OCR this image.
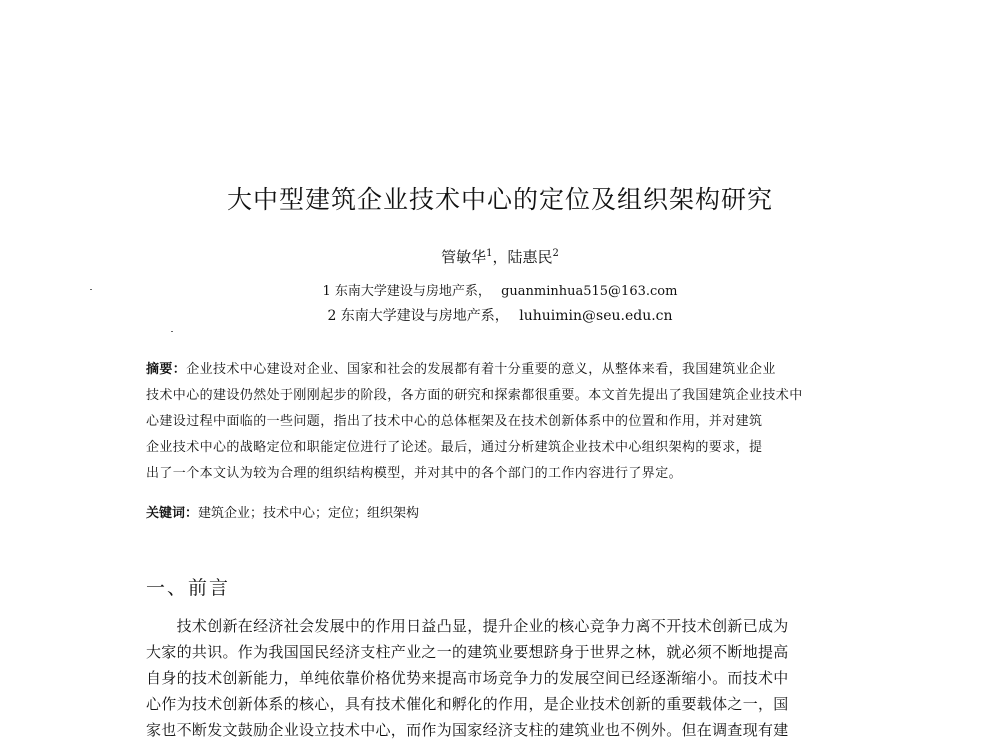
大中型建筑企业技术中心的定位及组织架构研究
管敏华$^1$，陆惠民$^2$
1 东南大学建设与房地产系， guanminhua515@163.com
2 东南大学建设与房地产系， luhuimin@seu.edu.cn
摘要：企业技术中心建设对企业、国家和社会的发展都有着十分重要的意义，从整体来看，我国建筑业企业
技术中心的建设仍然处于刚刚起步的阶段，各方面的研究和探索都很重要。本文首先提出了我国建筑企业技术中
心建设过程中面临的一些问题，指出了技术中心的总体框架及在技术创新体系中的位置和作用，并对建筑
企业技术中心的战略定位和职能定位进行了论述。最后，通过分析建筑企业技术中心组织架构的要求，提
出了一个本文认为较为合理的组织结构模型，并对其中的各个部门的工作内容进行了界定。
关键词：建筑企业；技术中心；定位；组织架构
一、前言
　　技术创新在经济社会发展中的作用日益凸显，提升企业的核心竞争力离不开技术创新已成为
大家的共识。作为我国国民经济支柱产业之一的建筑业要想跻身于世界之林，就必须不断地提高
自身的技术创新能力，单纯依靠价格优势来提高市场竞争力的发展空间已经逐渐缩小。而技术中
心作为技术创新体系的核心，具有技术催化和孵化的作用，是企业技术创新的重要载体之一，国
家也不断发文鼓励企业设立技术中心，而作为国家经济支柱的建筑业也不例外。但在调查现有建
